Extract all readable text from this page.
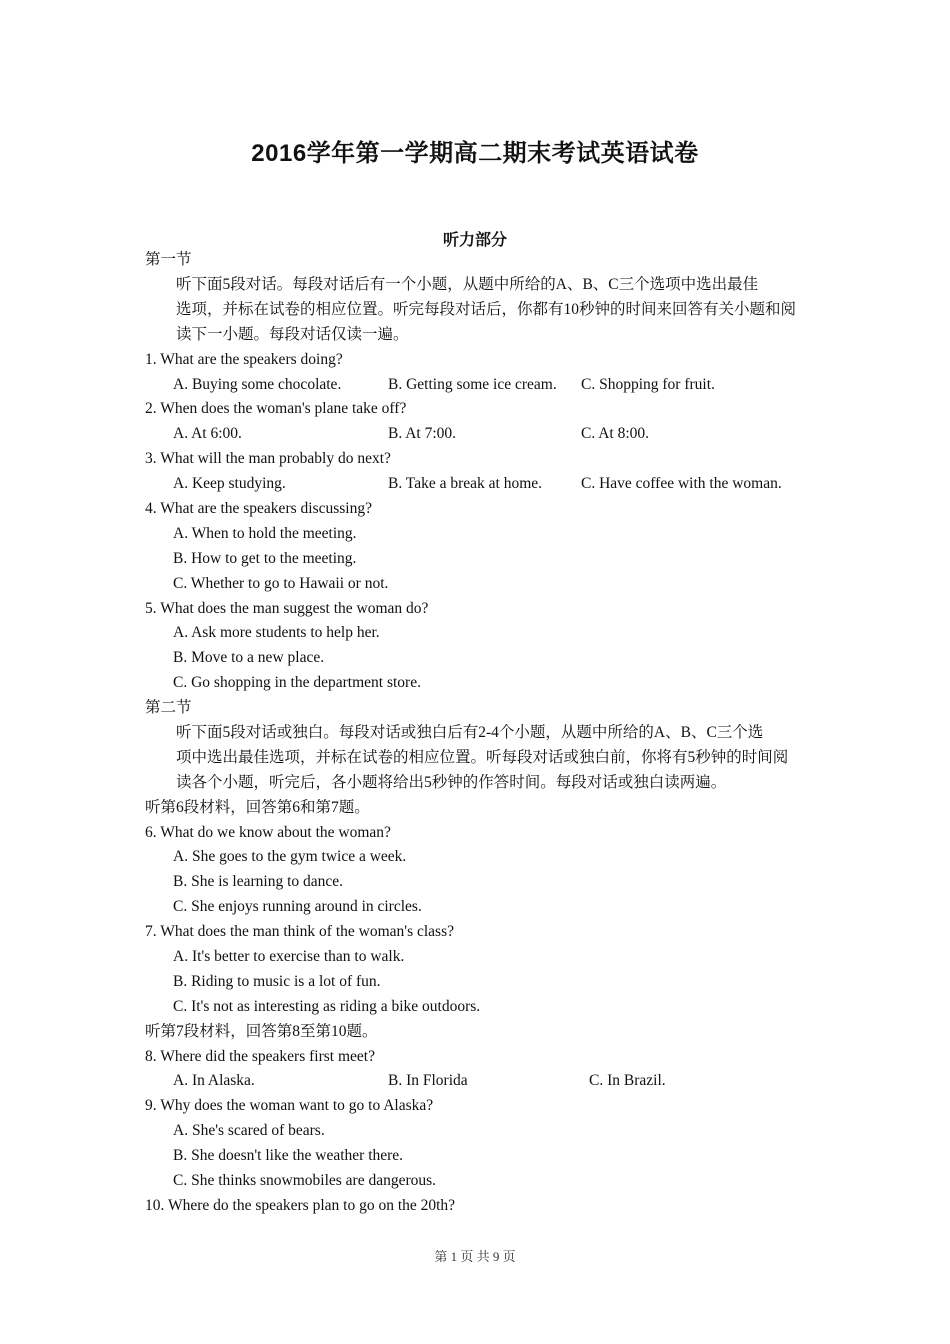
2016学年第一学期高二期末考试英语试卷
听力部分
第一节
听下面5段对话。每段对话后有一个小题，从题中所给的A、B、C三个选项中选出最佳
选项，并标在试卷的相应位置。听完每段对话后，你都有10秒钟的时间来回答有关小题和阅
读下一小题。每段对话仅读一遍。
1. What are the speakers doing?
A. Buying some chocolate.	B. Getting some ice cream.	C. Shopping for fruit.
2. When does the woman's plane take off?
A. At 6:00.	B. At 7:00.	C. At 8:00.
3. What will the man probably do next?
A. Keep studying.	B. Take a break at home.	C. Have coffee with the woman.
4. What are the speakers discussing?
A. When to hold the meeting.
B. How to get to the meeting.
C. Whether to go to Hawaii or not.
5. What does the man suggest the woman do?
A. Ask more students to help her.
B. Move to a new place.
C. Go shopping in the department store.
第二节
听下面5段对话或独白。每段对话或独白后有2-4个小题，从题中所给的A、B、C三个选
项中选出最佳选项，并标在试卷的相应位置。听每段对话或独白前，你将有5秒钟的时间阅
读各个小题，听完后，各小题将给出5秒钟的作答时间。每段对话或独白读两遍。
听第6段材料，回答第6和第7题。
6. What do we know about the woman?
A. She goes to the gym twice a week.
B. She is learning to dance.
C. She enjoys running around in circles.
7. What does the man think of the woman's class?
A. It's better to exercise than to walk.
B. Riding to music is a lot of fun.
C. It's not as interesting as riding a bike outdoors.
听第7段材料，回答第8至第10题。
8. Where did the speakers first meet?
A. In Alaska.	B. In Florida	C. In Brazil.
9. Why does the woman want to go to Alaska?
A. She's scared of bears.
B. She doesn't like the weather there.
C. She thinks snowmobiles are dangerous.
10. Where do the speakers plan to go on the 20th?
第 1 页 共 9 页
